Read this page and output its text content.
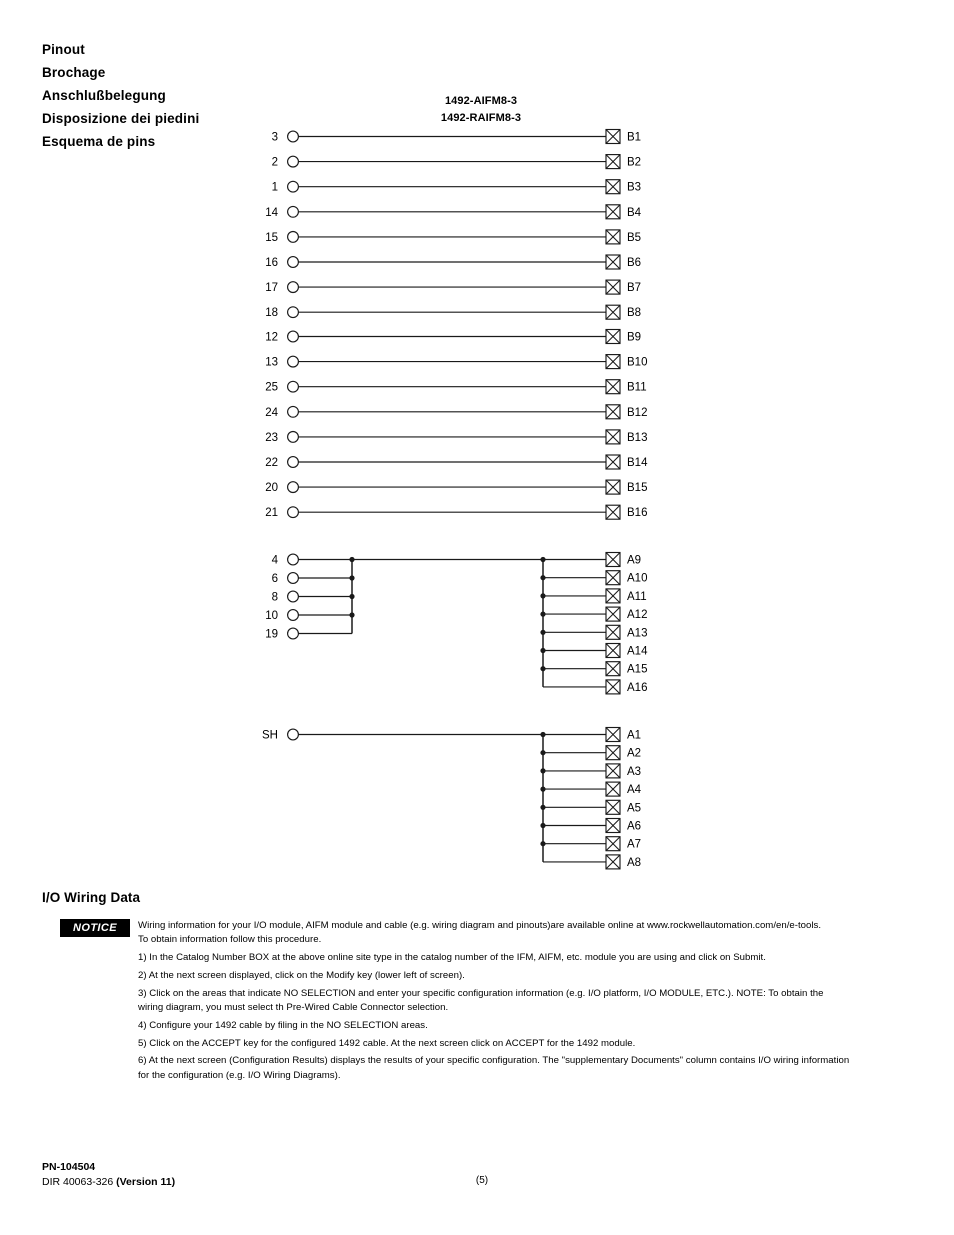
Pinout
Brochage
Anschlußbelegung
Disposizione dei piedini
Esquema de pins
1492-AIFM8-3
1492-RAIFM8-3
3	B1
2	B2
1	B3
14	B4
15	B5
16	B6
17	B7
18	B8
12	B9
13	B10
25	B11
24	B12
23	B13
22	B14
20	B15
21	B16
4
6
8
10
19
A9
A10
A11
A12
A13
A14
A15
A16
SH	A1
A2
A3
A4
A5
A6
A7
A8
I/O Wiring Data
NOTICE	Wiring information for your I/O module, AIFM module and cable (e.g. wiring diagram and pinouts)are available online at www.rockwellautomation.com/en/e-tools.
To obtain information follow this procedure.
1) In the Catalog Number BOX at the above online site type in the catalog number of the IFM, AIFM, etc. module you are using and click on Submit.
2) At the next screen displayed, click on the Modify key (lower left of screen).
3) Click on the areas that indicate NO SELECTION and enter your specific configuration information (e.g. I/O platform, I/O MODULE, ETC.). NOTE: To obtain the
wiring diagram, you must select th Pre-Wired Cable Connector selection.
4) Configure your 1492 cable by filing in the NO SELECTION areas.
5) Click on the ACCEPT key for the configured 1492 cable. At the next screen click on ACCEPT for the 1492 module.
6) At the next screen (Configuration Results) displays the results of your specific configuration. The "supplementary Documents" column contains I/O wiring information
for the configuration (e.g. I/O Wiring Diagrams).
PN-104504
DIR 40063-326 (Version 11)	(5)
